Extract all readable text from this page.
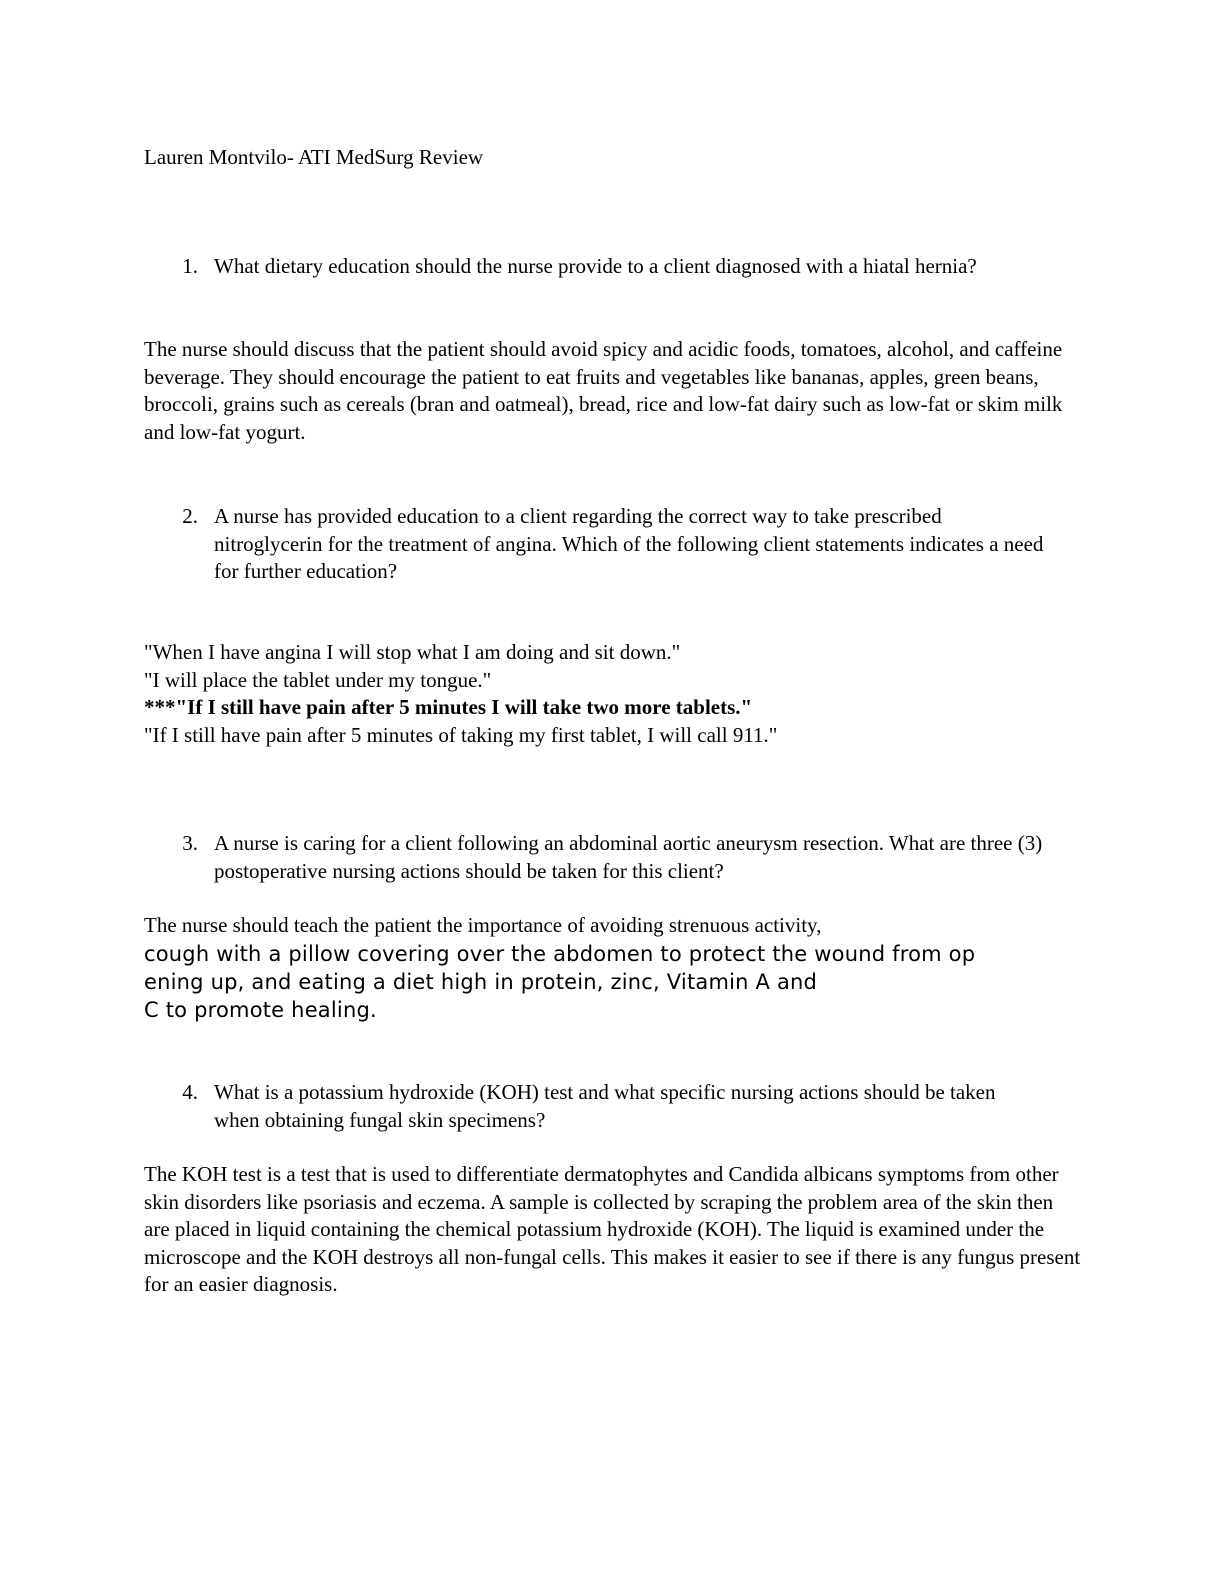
Lauren Montvilo- ATI MedSurg Review
1. What dietary education should the nurse provide to a client diagnosed with a hiatal hernia?
The nurse should discuss that the patient should avoid spicy and acidic foods, tomatoes, alcohol, and caffeine beverage. They should encourage the patient to eat fruits and vegetables like bananas, apples, green beans, broccoli, grains such as cereals (bran and oatmeal), bread, rice and low-fat dairy such as low-fat or skim milk and low-fat yogurt.
2. A nurse has provided education to a client regarding the correct way to take prescribed nitroglycerin for the treatment of angina. Which of the following client statements indicates a need for further education?
"When I have angina I will stop what I am doing and sit down."
"I will place the tablet under my tongue."
***"If I still have pain after 5 minutes I will take two more tablets."
"If I still have pain after 5 minutes of taking my first tablet, I will call 911."
3. A nurse is caring for a client following an abdominal aortic aneurysm resection. What are three (3) postoperative nursing actions should be taken for this client?
The nurse should teach the patient the importance of avoiding strenuous activity,
cough with a pillow covering over the abdomen to protect the wound from op
ening up, and eating a diet high in protein, zinc, Vitamin A and
C to promote healing.
4. What is a potassium hydroxide (KOH) test and what specific nursing actions should be taken when obtaining fungal skin specimens?
The KOH test is a test that is used to differentiate dermatophytes and Candida albicans symptoms from other skin disorders like psoriasis and eczema. A sample is collected by scraping the problem area of the skin then are placed in liquid containing the chemical potassium hydroxide (KOH). The liquid is examined under the microscope and the KOH destroys all non-fungal cells. This makes it easier to see if there is any fungus present for an easier diagnosis.
